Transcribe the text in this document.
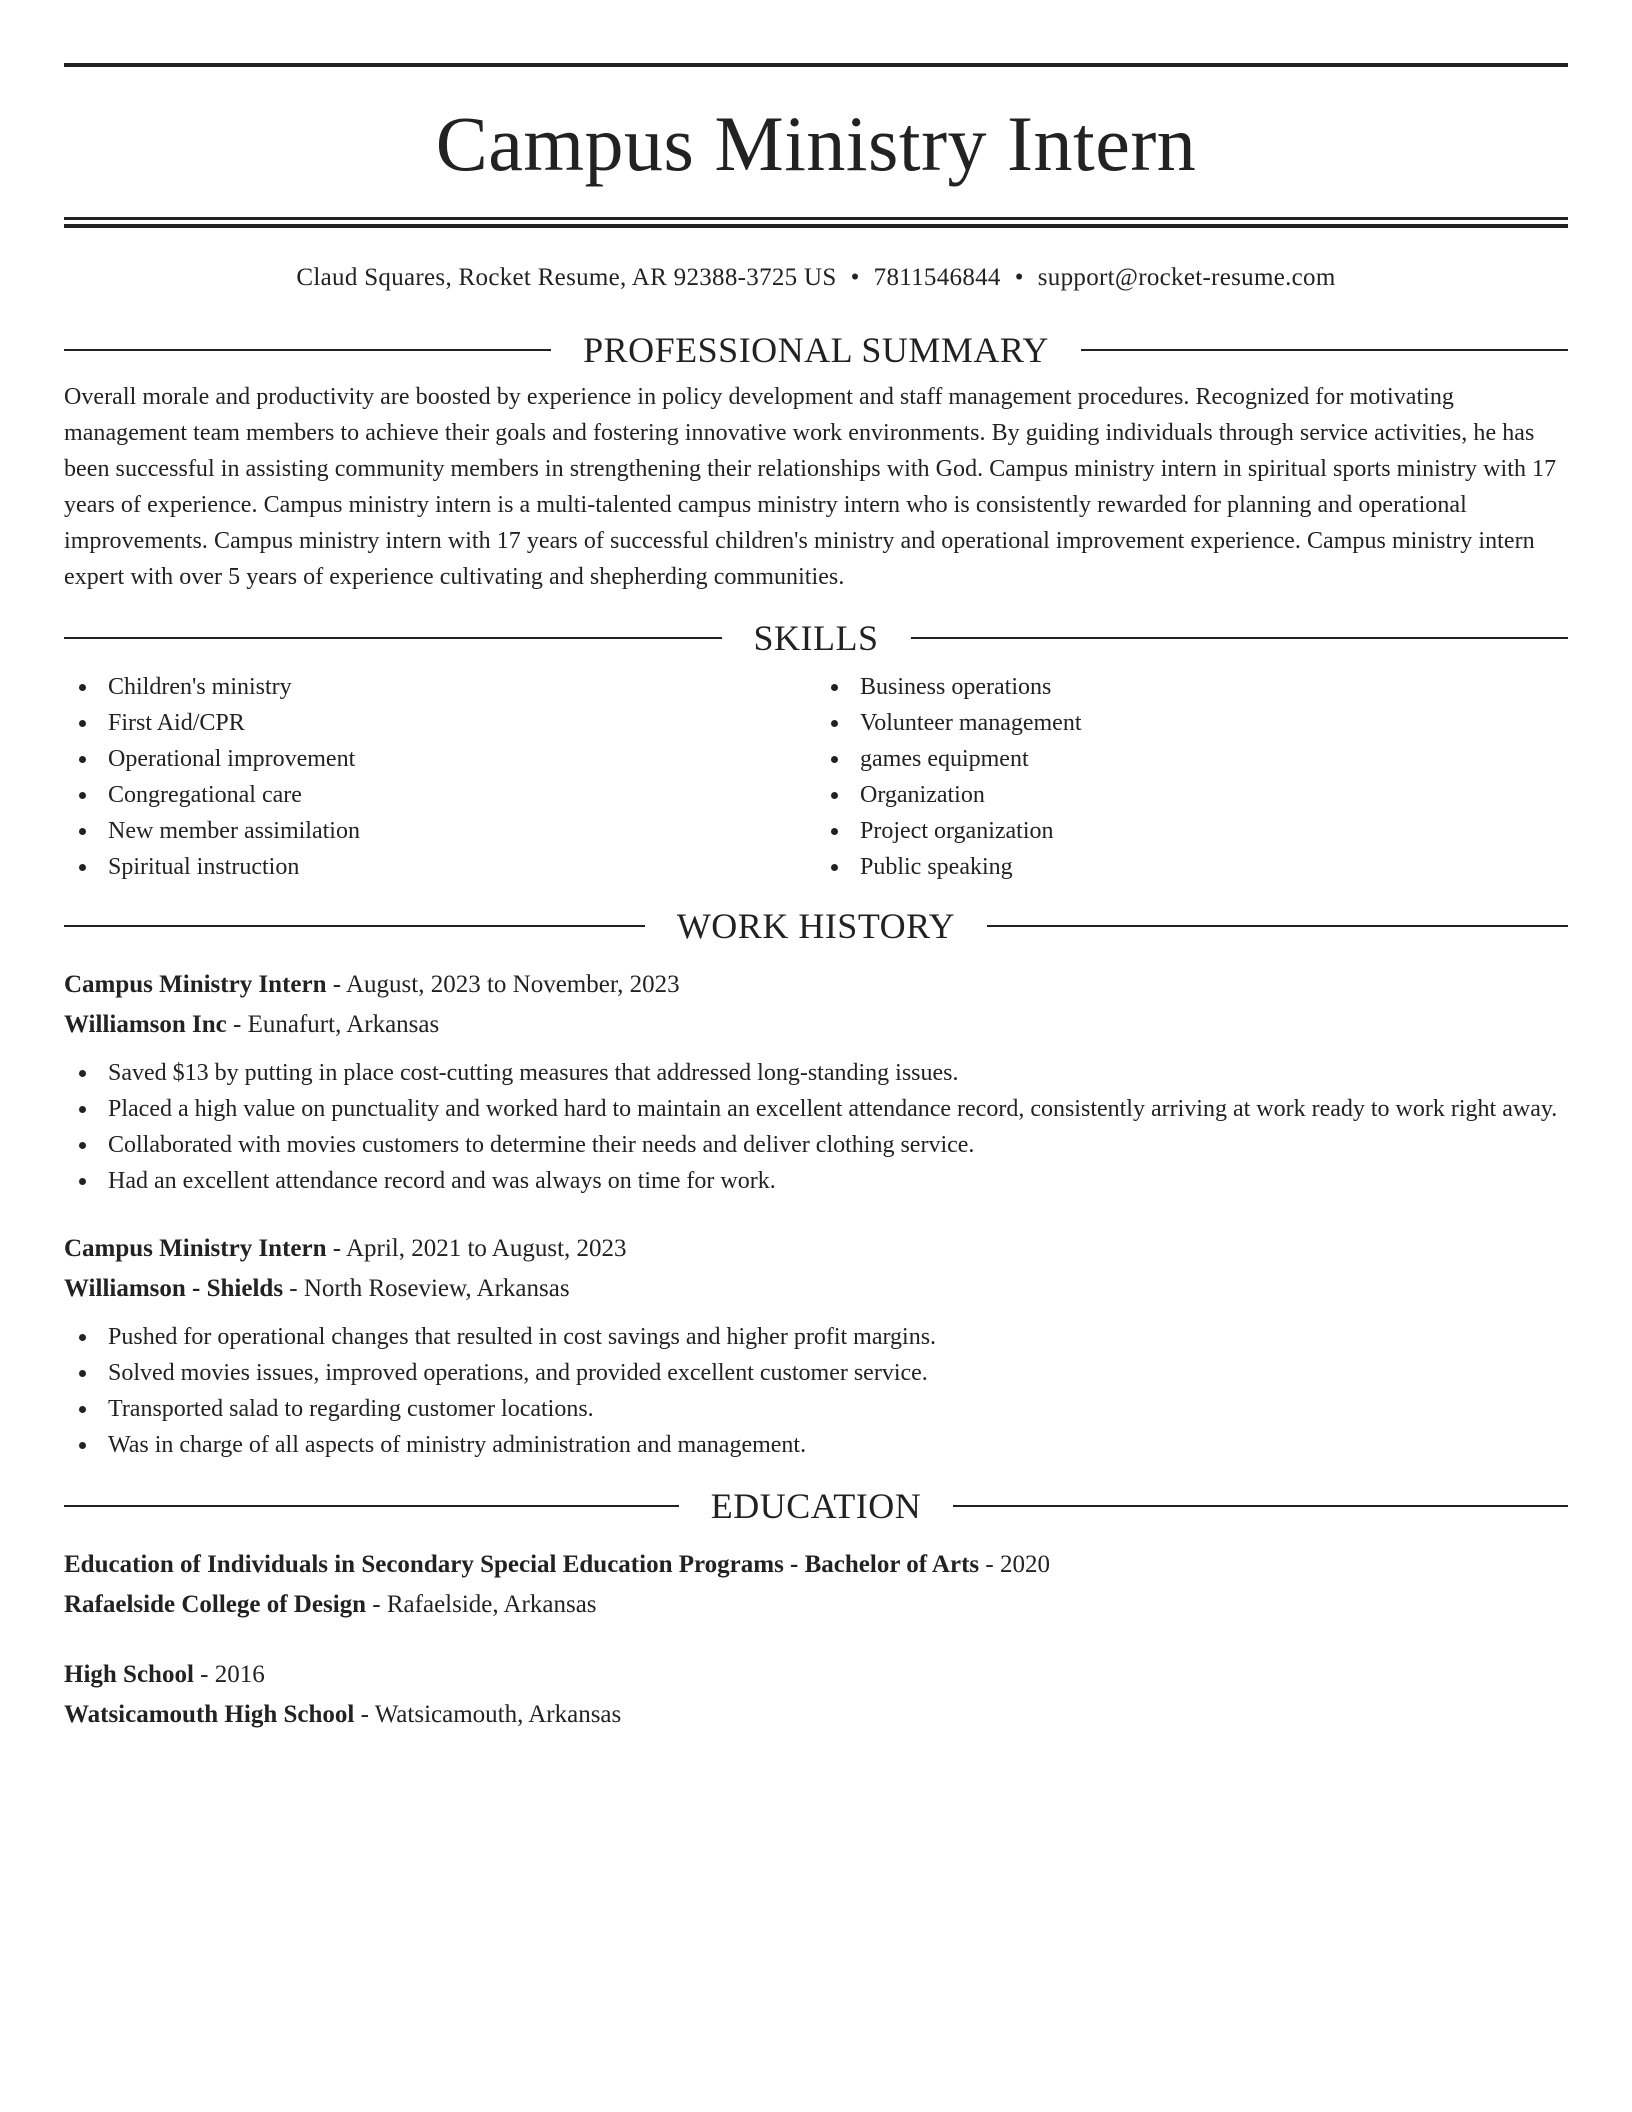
Campus Ministry Intern
Claud Squares, Rocket Resume, AR 92388-3725 US • 7811546844 • support@rocket-resume.com
PROFESSIONAL SUMMARY
Overall morale and productivity are boosted by experience in policy development and staff management procedures. Recognized for motivating management team members to achieve their goals and fostering innovative work environments. By guiding individuals through service activities, he has been successful in assisting community members in strengthening their relationships with God. Campus ministry intern in spiritual sports ministry with 17 years of experience. Campus ministry intern is a multi-talented campus ministry intern who is consistently rewarded for planning and operational improvements. Campus ministry intern with 17 years of successful children's ministry and operational improvement experience. Campus ministry intern expert with over 5 years of experience cultivating and shepherding communities.
SKILLS
Children's ministry
First Aid/CPR
Operational improvement
Congregational care
New member assimilation
Spiritual instruction
Business operations
Volunteer management
games equipment
Organization
Project organization
Public speaking
WORK HISTORY
Campus Ministry Intern - August, 2023 to November, 2023
Williamson Inc - Eunafurt, Arkansas
Saved $13 by putting in place cost-cutting measures that addressed long-standing issues.
Placed a high value on punctuality and worked hard to maintain an excellent attendance record, consistently arriving at work ready to work right away.
Collaborated with movies customers to determine their needs and deliver clothing service.
Had an excellent attendance record and was always on time for work.
Campus Ministry Intern - April, 2021 to August, 2023
Williamson - Shields - North Roseview, Arkansas
Pushed for operational changes that resulted in cost savings and higher profit margins.
Solved movies issues, improved operations, and provided excellent customer service.
Transported salad to regarding customer locations.
Was in charge of all aspects of ministry administration and management.
EDUCATION
Education of Individuals in Secondary Special Education Programs - Bachelor of Arts - 2020
Rafaelside College of Design - Rafaelside, Arkansas
High School - 2016
Watsicamouth High School - Watsicamouth, Arkansas
